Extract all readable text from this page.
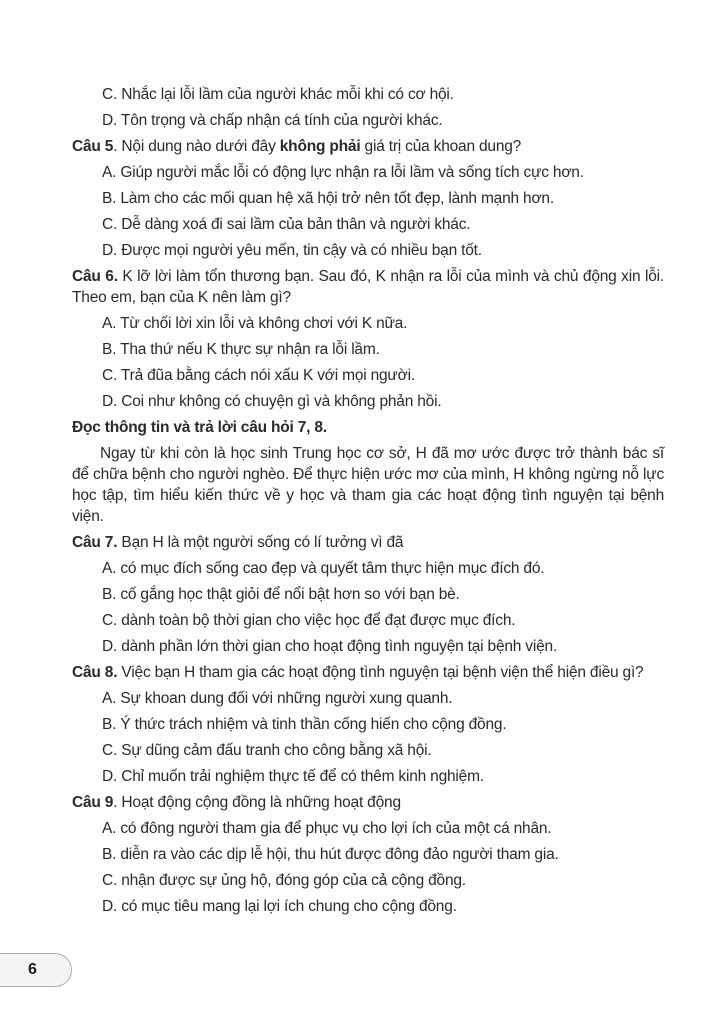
C. Nhắc lại lỗi lầm của người khác mỗi khi có cơ hội.

D. Tôn trọng và chấp nhận cá tính của người khác.

Câu 5. Nội dung nào dưới đây không phải giá trị của khoan dung?

A. Giúp người mắc lỗi có động lực nhận ra lỗi lầm và sống tích cực hơn.

B. Làm cho các mối quan hệ xã hội trở nên tốt đẹp, lành mạnh hơn.

C. Dễ dàng xoá đi sai lầm của bản thân và người khác.

D. Được mọi người yêu mến, tin cậy và có nhiều bạn tốt.

Câu 6. K lỡ lời làm tổn thương bạn. Sau đó, K nhận ra lỗi của mình và chủ động xin lỗi. Theo em, bạn của K nên làm gì?

A. Từ chối lời xin lỗi và không chơi với K nữa.

B. Tha thứ nếu K thực sự nhận ra lỗi lầm.

C. Trả đũa bằng cách nói xấu K với mọi người.

D. Coi như không có chuyện gì và không phản hồi.

Đọc thông tin và trả lời câu hỏi 7, 8.

Ngay từ khi còn là học sinh Trung học cơ sở, H đã mơ ước được trở thành bác sĩ để chữa bệnh cho người nghèo. Để thực hiện ước mơ của mình, H không ngừng nỗ lực học tập, tìm hiểu kiến thức về y học và tham gia các hoạt động tình nguyện tại bệnh viện.

Câu 7. Bạn H là một người sống có lí tưởng vì đã

A. có mục đích sống cao đẹp và quyết tâm thực hiện mục đích đó.

B. cố gắng học thật giỏi để nổi bật hơn so với bạn bè.

C. dành toàn bộ thời gian cho việc học để đạt được mục đích.

D. dành phần lớn thời gian cho hoạt động tình nguyện tại bệnh viện.

Câu 8. Việc bạn H tham gia các hoạt động tình nguyện tại bệnh viện thể hiện điều gì?

A. Sự khoan dung đối với những người xung quanh.

B. Ý thức trách nhiệm và tinh thần cống hiến cho cộng đồng.

C. Sự dũng cảm đấu tranh cho công bằng xã hội.

D. Chỉ muốn trải nghiệm thực tế để có thêm kinh nghiệm.

Câu 9. Hoạt động cộng đồng là những hoạt động

A. có đông người tham gia để phục vụ cho lợi ích của một cá nhân.

B. diễn ra vào các dịp lễ hội, thu hút được đông đảo người tham gia.

C. nhận được sự ủng hộ, đóng góp của cả cộng đồng.

D. có mục tiêu mang lại lợi ích chung cho cộng đồng.

6
